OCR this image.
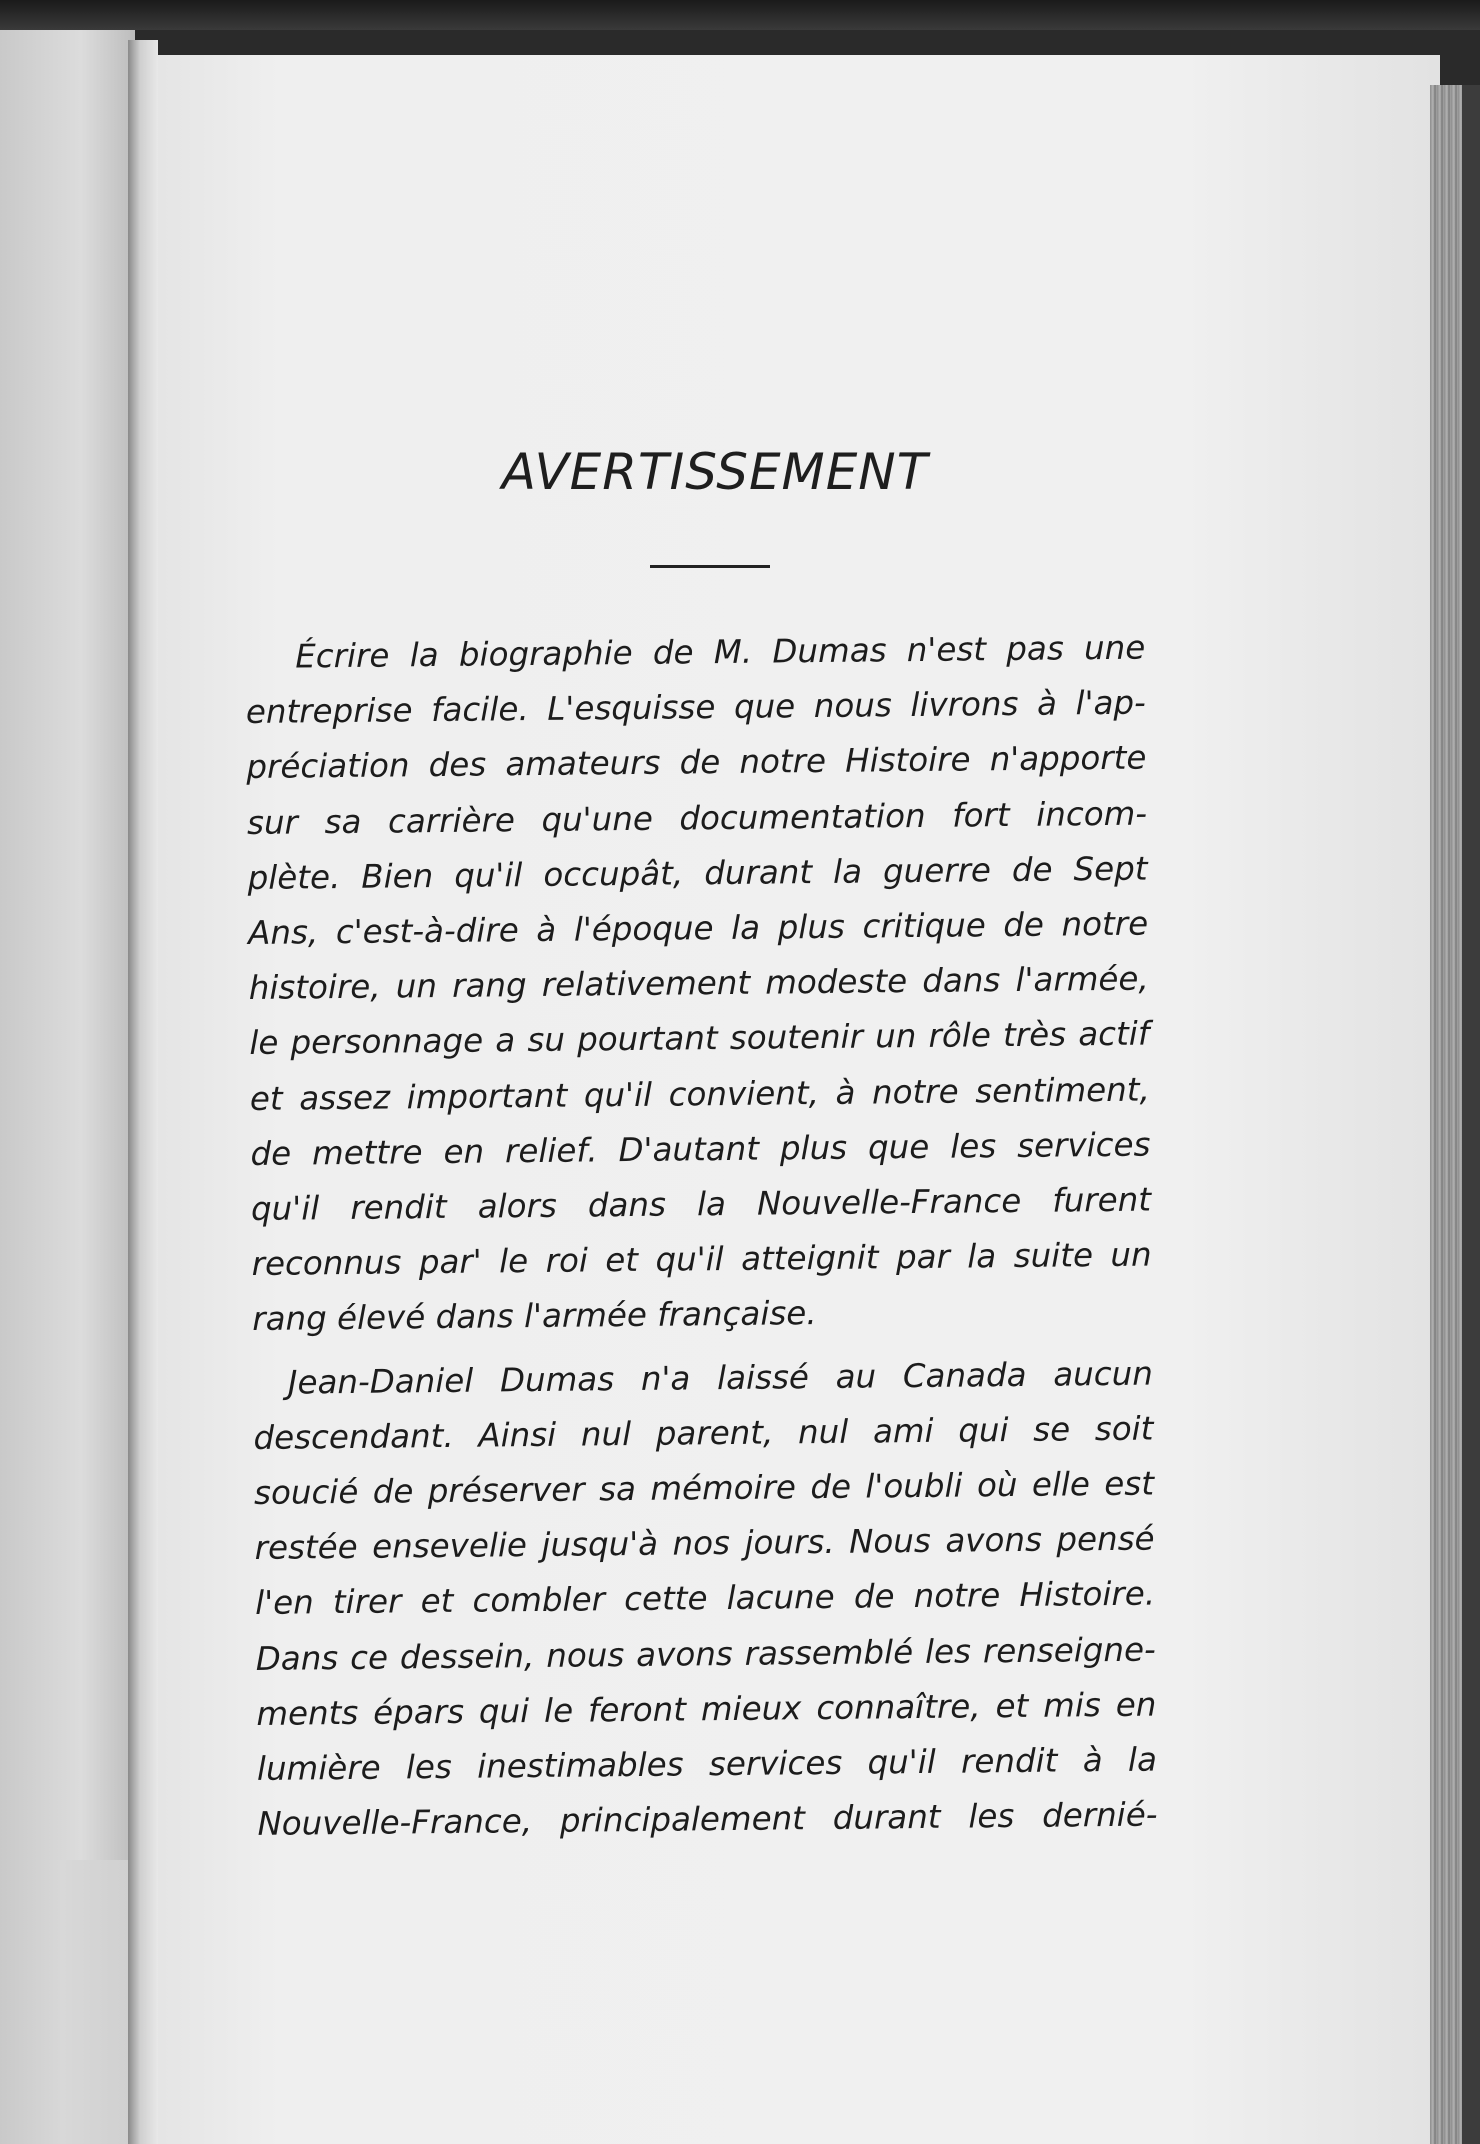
AVERTISSEMENT
Écrire la biographie de M. Dumas n'est pas une
entreprise facile. L'esquisse que nous livrons à l'ap-
préciation des amateurs de notre Histoire n'apporte
sur sa carrière qu'une documentation fort incom-
plète. Bien qu'il occupât, durant la guerre de Sept
Ans, c'est-à-dire à l'époque la plus critique de notre
histoire, un rang relativement modeste dans l'armée,
le personnage a su pourtant soutenir un rôle très actif
et assez important qu'il convient, à notre sentiment,
de mettre en relief. D'autant plus que les services
qu'il rendit alors dans la Nouvelle-France furent
reconnus par' le roi et qu'il atteignit par la suite un
rang élevé dans l'armée française.
Jean-Daniel Dumas n'a laissé au Canada aucun
descendant. Ainsi nul parent, nul ami qui se soit
soucié de préserver sa mémoire de l'oubli où elle est
restée ensevelie jusqu'à nos jours. Nous avons pensé
l'en tirer et combler cette lacune de notre Histoire.
Dans ce dessein, nous avons rassemblé les renseigne-
ments épars qui le feront mieux connaître, et mis en
lumière les inestimables services qu'il rendit à la
Nouvelle-France, principalement durant les dernié-
